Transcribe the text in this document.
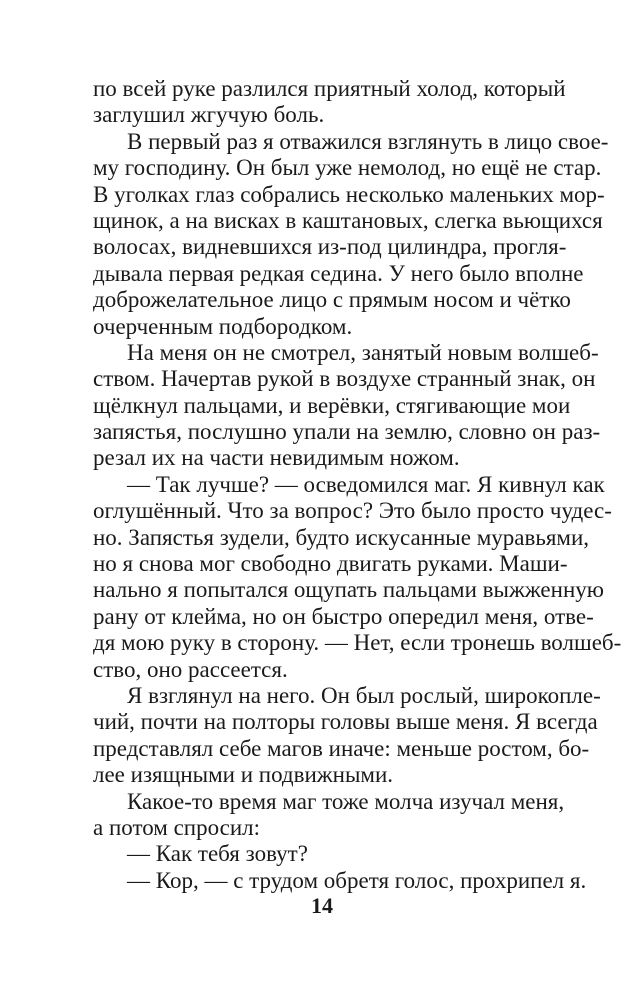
по всей руке разлился приятный холод, который
заглушил жгучую боль.
В первый раз я отважился взглянуть в лицо свое-
му господину. Он был уже немолод, но ещё не стар.
В уголках глаз собрались несколько маленьких мор-
щинок, а на висках в каштановых, слегка вьющихся
волосах, видневшихся из-под цилиндра, прогля-
дывала первая редкая седина. У него было вполне
доброжелательное лицо с прямым носом и чётко
очерченным подбородком.
На меня он не смотрел, занятый новым волшеб-
ством. Начертав рукой в воздухе странный знак, он
щёлкнул пальцами, и верёвки, стягивающие мои
запястья, послушно упали на землю, словно он раз-
резал их на части невидимым ножом.
— Так лучше? — осведомился маг. Я кивнул как
оглушённый. Что за вопрос? Это было просто чудес-
но. Запястья зудели, будто искусанные муравьями,
но я снова мог свободно двигать руками. Маши-
нально я попытался ощупать пальцами выжженную
рану от клейма, но он быстро опередил меня, отве-
дя мою руку в сторону. — Нет, если тронешь волшеб-
ство, оно рассеется.
Я взглянул на него. Он был рослый, широкопле-
чий, почти на полторы головы выше меня. Я всегда
представлял себе магов иначе: меньше ростом, бо-
лее изящными и подвижными.
Какое-то время маг тоже молча изучал меня,
а потом спросил:
— Как тебя зовут?
— Кор, — с трудом обретя голос, прохрипел я.
14
